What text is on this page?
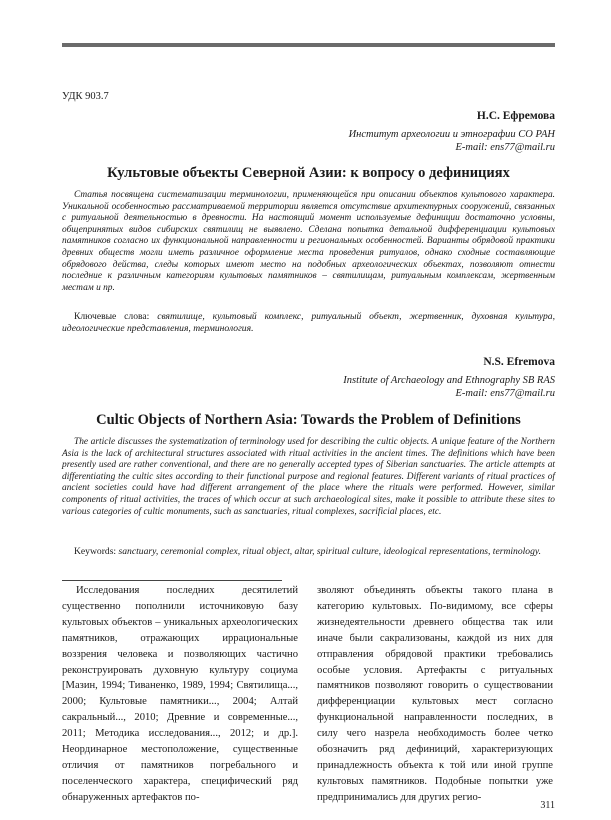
УДК 903.7
Н.С. Ефремова
Институт археологии и этнографии СО РАН
E-mail: ens77@mail.ru
Культовые объекты Северной Азии: к вопросу о дефинициях

Статья посвящена систематизации терминологии, применяющейся при описании объектов культового характера. Уникальной особенностью рассматриваемой территории является отсутствие архитектурных сооружений, связанных с ритуальной деятельностью в древности. На настоящий момент используемые дефиниции достаточно условны, общепринятых видов сибирских святилищ не выявлено. Сделана попытка детальной дифференциации культовых памятников согласно их функциональной направленности и региональных особенностей. Варианты обрядовой практики древних обществ могли иметь различное оформление места проведения ритуалов, однако сходные составляющие обрядового действа, следы которых имеют место на подобных археологических объектах, позволяют отнести последние к различным категориям культовых памятников – святилищам, ритуальным комплексам, жертвенным местам и пр.

Ключевые слова: святилище, культовый комплекс, ритуальный объект, жертвенник, духовная культура, идеологические представления, терминология.

N.S. Efremova
Institute of Archaeology and Ethnography SB RAS
E-mail: ens77@mail.ru
Cultic Objects of Northern Asia: Towards the Problem of Definitions

The article discusses the systematization of terminology used for describing the cultic objects. A unique feature of the Northern Asia is the lack of architectural structures associated with ritual activities in the ancient times. The definitions which have been presently used are rather conventional, and there are no generally accepted types of Siberian sanctuaries. The article attempts at differentiating the cultic sites according to their functional purpose and regional features. Different variants of ritual practices of ancient societies could have had different arrangement of the place where the rituals were performed. However, similar components of ritual activities, the traces of which occur at such archaeological sites, make it possible to attribute these sites to various categories of cultic monuments, such as sanctuaries, ritual complexes, sacrificial places, etc.

Keywords: sanctuary, ceremonial complex, ritual object, altar, spiritual culture, ideological representations, terminology.

Исследования последних десятилетий существенно пополнили источниковую базу культовых объектов – уникальных археологических памятников, отражающих иррациональные воззрения человека и позволяющих частично реконструировать духовную культуру социума [Мазин, 1994; Тиваненко, 1989, 1994; Святилища..., 2000; Культовые памятники..., 2004; Алтай сакральный..., 2010; Древние и современные..., 2011; Методика исследования..., 2012; и др.]. Неординарное местоположение, существенные отличия от памятников погребального и поселенческого характера, специфический ряд обнаруженных артефактов по-

зволяют объединять объекты такого плана в категорию культовых. По-видимому, все сферы жизнедеятельности древнего общества так или иначе были сакрализованы, каждой из них для отправления обрядовой практики требовались особые условия. Артефакты с ритуальных памятников позволяют говорить о существовании дифференциации культовых мест согласно функциональной направленности последних, в силу чего назрела необходимость более четко обозначить ряд дефиниций, характеризующих принадлежность объекта к той или иной группе культовых памятников. Подобные попытки уже предпринимались для других регио-

311
